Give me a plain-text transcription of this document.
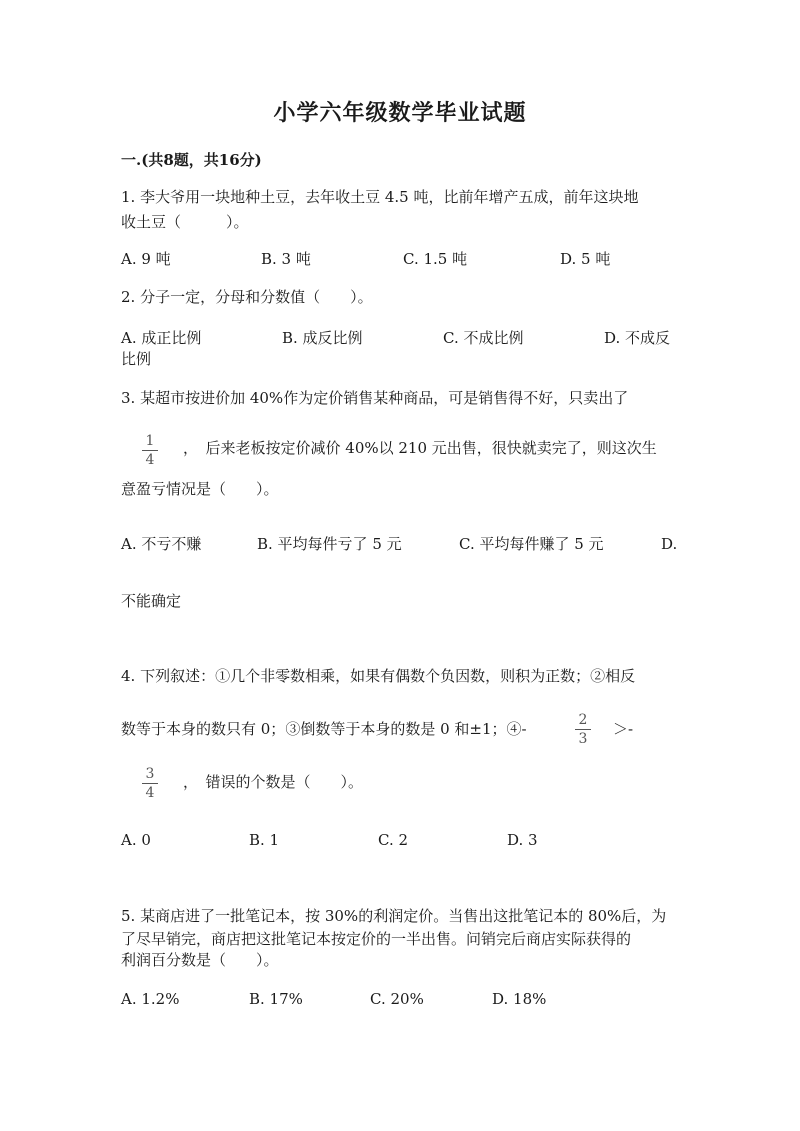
小学六年级数学毕业试题
一.(共8题，共16分)
1. 李大爷用一块地种土豆，去年收土豆 4.5 吨，比前年增产五成，前年这块地
收土豆（　　　）。
A. 9 吨	B. 3 吨	C. 1.5 吨	D. 5 吨
2. 分子一定，分母和分数值（　　）。
A. 成正比例	B. 成反比例	C. 不成比例	D. 不成反
比例
3. 某超市按进价加 40%作为定价销售某种商品，可是销售得不好，只卖出了
1
4
，　后来老板按定价减价 40%以 210 元出售，很快就卖完了，则这次生
意盈亏情况是（　　）。
A. 不亏不赚	B. 平均每件亏了 5 元	C. 平均每件赚了 5 元	D.
不能确定
4. 下列叙述：①几个非零数相乘，如果有偶数个负因数，则积为正数；②相反
数等于本身的数只有 0；③倒数等于本身的数是 0 和±1；④-	2
3
＞-
3
4
，　错误的个数是（　　）。
A. 0	B. 1	C. 2	D. 3
5. 某商店进了一批笔记本，按 30%的利润定价。当售出这批笔记本的 80%后，为
了尽早销完，商店把这批笔记本按定价的一半出售。问销完后商店实际获得的
利润百分数是（　　）。
A. 1.2%	B. 17%	C. 20%	D. 18%
